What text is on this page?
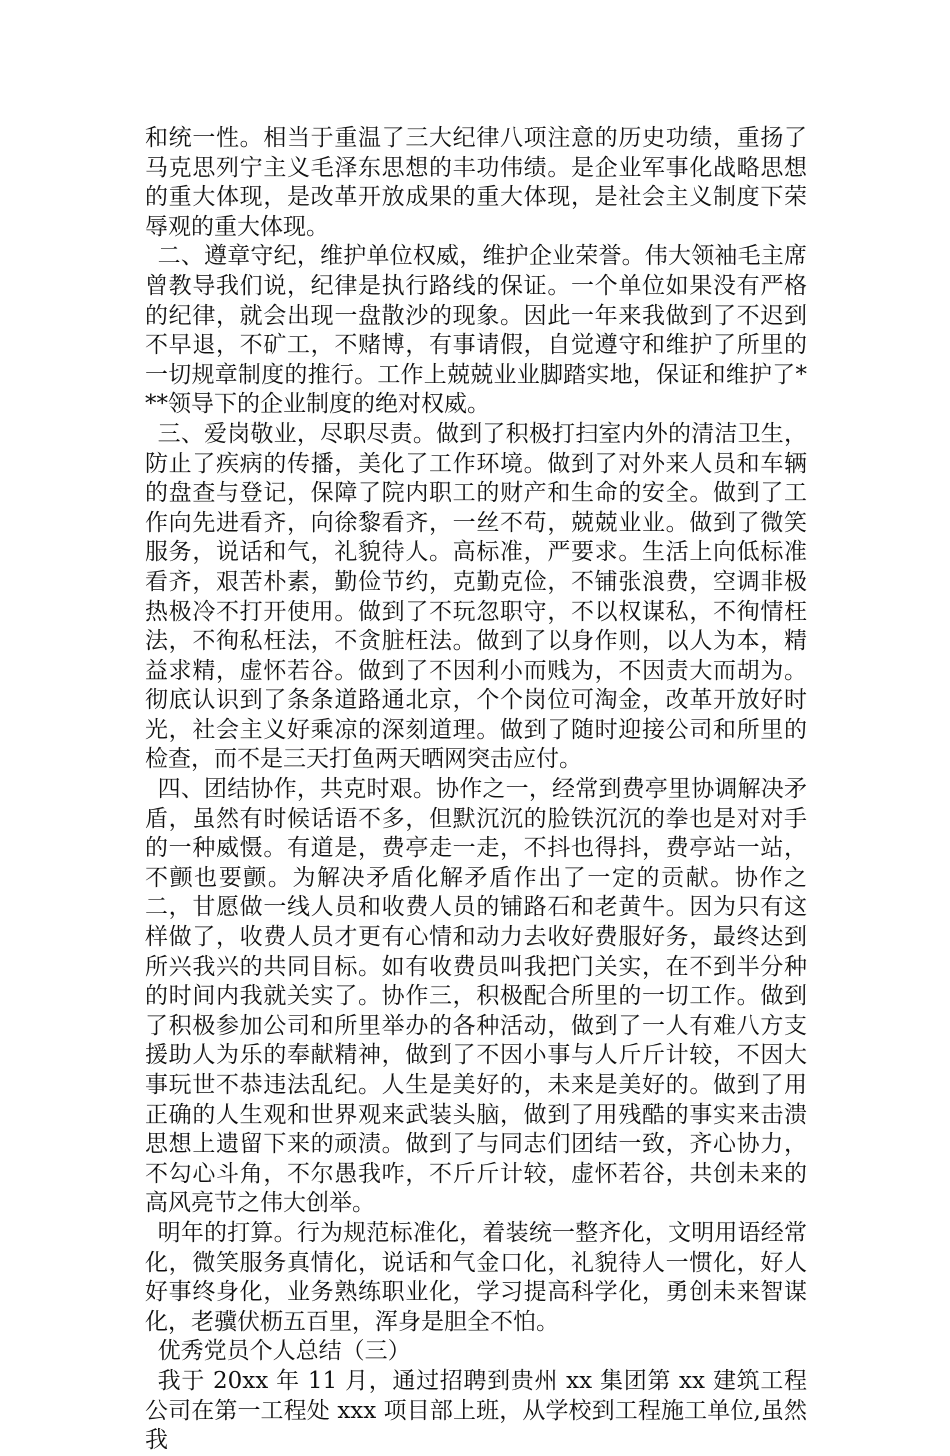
和统一性。相当于重温了三大纪律八项注意的历史功绩，重扬了马克思列宁主义毛泽东思想的丰功伟绩。是企业军事化战略思想的重大体现，是改革开放成果的重大体现，是社会主义制度下荣辱观的重大体现。

二、遵章守纪，维护单位权威，维护企业荣誉。伟大领袖毛主席曾教导我们说，纪律是执行路线的保证。一个单位如果没有严格的纪律，就会出现一盘散沙的现象。因此一年来我做到了不迟到不早退，不矿工，不赌博，有事请假，自觉遵守和维护了所里的一切规章制度的推行。工作上兢兢业业脚踏实地，保证和维护了***领导下的企业制度的绝对权威。

三、爱岗敬业，尽职尽责。做到了积极打扫室内外的清洁卫生，防止了疾病的传播，美化了工作环境。做到了对外来人员和车辆的盘查与登记，保障了院内职工的财产和生命的安全。做到了工作向先进看齐，向徐黎看齐，一丝不苟，兢兢业业。做到了微笑服务，说话和气，礼貌待人。高标准，严要求。生活上向低标准看齐，艰苦朴素，勤俭节约，克勤克俭，不铺张浪费，空调非极热极冷不打开使用。做到了不玩忽职守，不以权谋私，不徇情枉法，不徇私枉法，不贪脏枉法。做到了以身作则，以人为本，精益求精，虚怀若谷。做到了不因利小而贱为，不因责大而胡为。彻底认识到了条条道路通北京，个个岗位可淘金，改革开放好时光，社会主义好乘凉的深刻道理。做到了随时迎接公司和所里的检查，而不是三天打鱼两天晒网突击应付。

四、团结协作，共克时艰。协作之一，经常到费亭里协调解决矛盾，虽然有时候话语不多，但默沉沉的脸铁沉沉的拳也是对对手的一种威慑。有道是，费亭走一走，不抖也得抖，费亭站一站，不颤也要颤。为解决矛盾化解矛盾作出了一定的贡献。协作之二，甘愿做一线人员和收费人员的铺路石和老黄牛。因为只有这样做了，收费人员才更有心情和动力去收好费服好务，最终达到所兴我兴的共同目标。如有收费员叫我把门关实，在不到半分种的时间内我就关实了。协作三，积极配合所里的一切工作。做到了积极参加公司和所里举办的各种活动，做到了一人有难八方支援助人为乐的奉献精神，做到了不因小事与人斤斤计较，不因大事玩世不恭违法乱纪。人生是美好的，未来是美好的。做到了用正确的人生观和世界观来武装头脑，做到了用残酷的事实来击溃思想上遗留下来的顽渍。做到了与同志们团结一致，齐心协力，不勾心斗角，不尔愚我咋，不斤斤计较，虚怀若谷，共创未来的高风亮节之伟大创举。

明年的打算。行为规范标准化，着装统一整齐化，文明用语经常化，微笑服务真情化，说话和气金口化，礼貌待人一惯化，好人好事终身化，业务熟练职业化，学习提高科学化，勇创未来智谋化，老骥伏枥五百里，浑身是胆全不怕。

优秀党员个人总结（三）

我于 20xx 年 11 月，通过招聘到贵州 xx 集团第 xx 建筑工程公司在第一工程处 xxx 项目部上班，从学校到工程施工单位,虽然我
